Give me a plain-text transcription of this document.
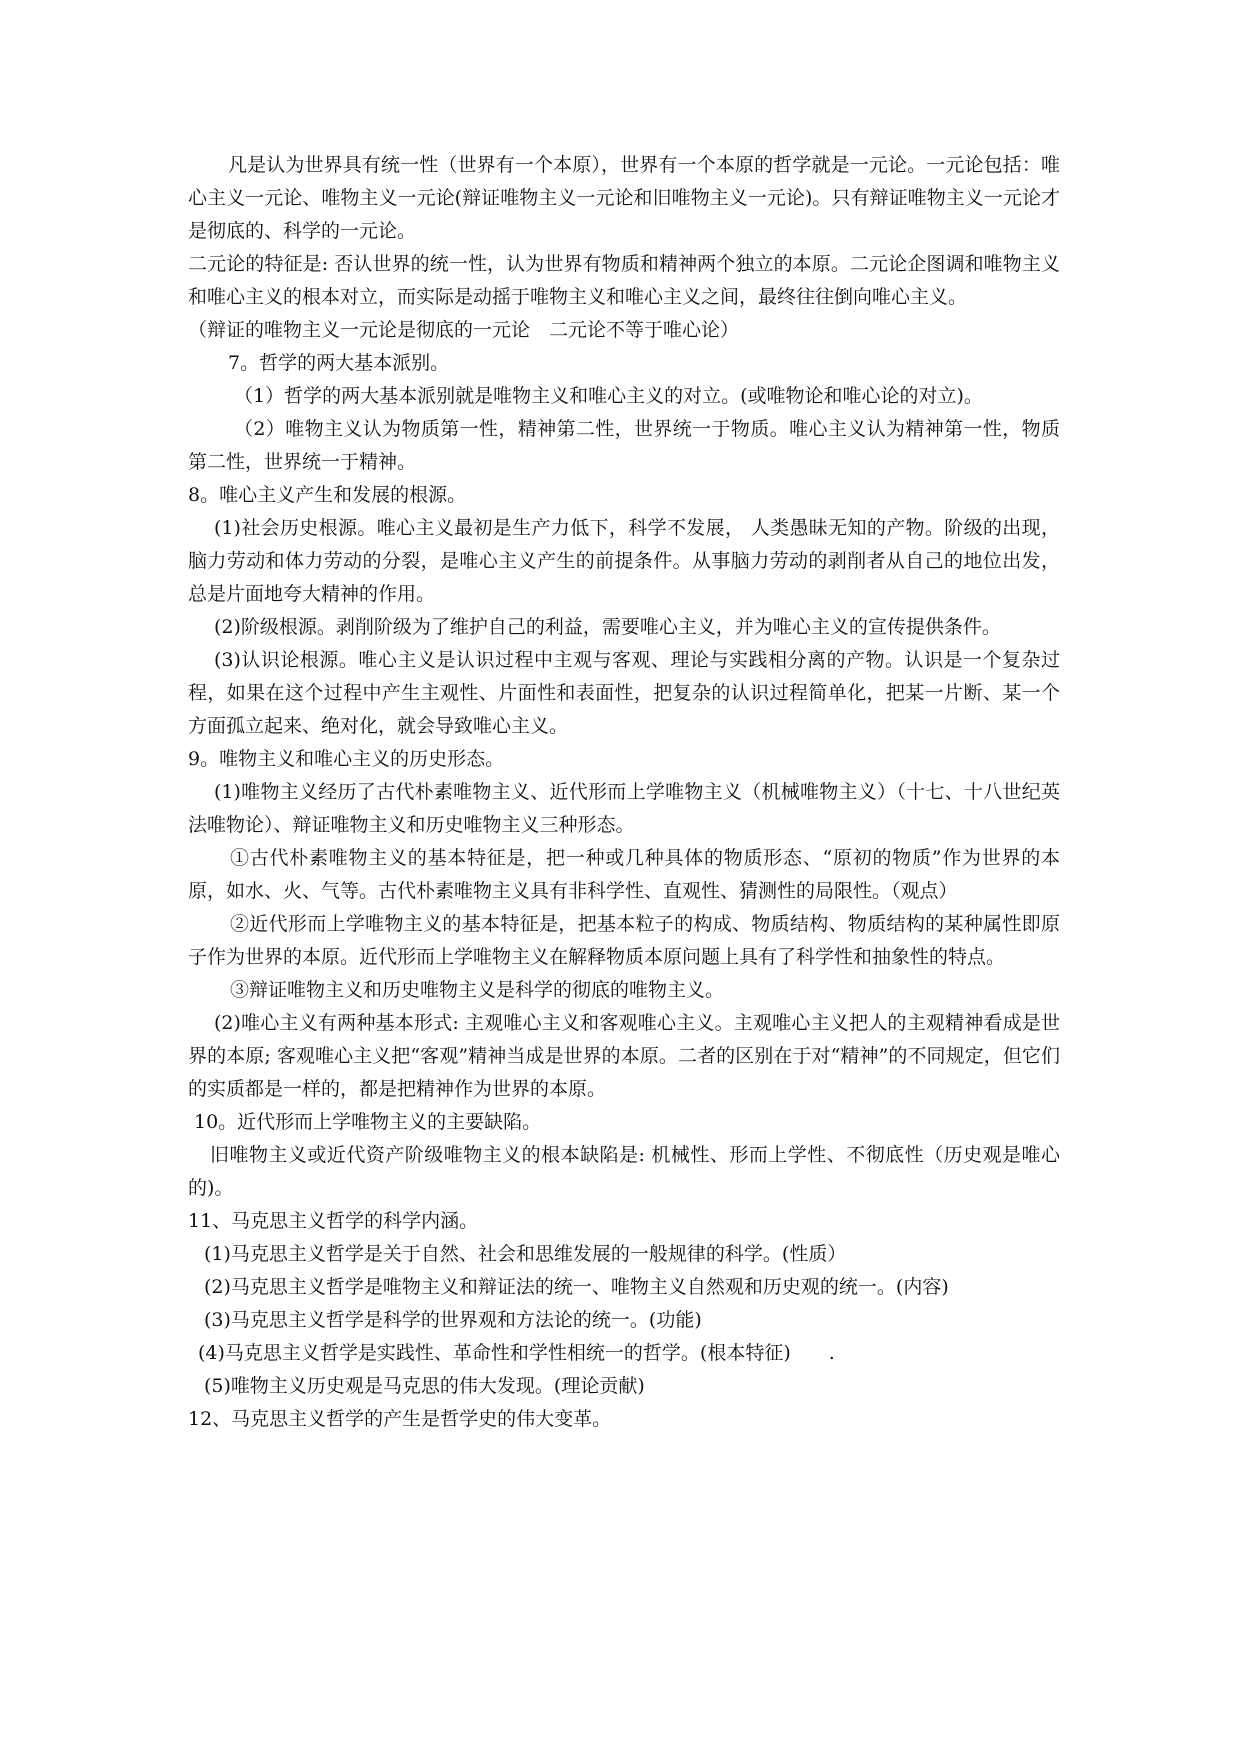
凡是认为世界具有统一性（世界有一个本原），世界有一个本原的哲学就是一元论。一元论包括：唯心主义一元论、唯物主义一元论(辩证唯物主义一元论和旧唯物主义一元论)。只有辩证唯物主义一元论才是彻底的、科学的一元论。

二元论的特征是: 否认世界的统一性，认为世界有物质和精神两个独立的本原。二元论企图调和唯物主义和唯心主义的根本对立，而实际是动摇于唯物主义和唯心主义之间，最终往往倒向唯心主义。

（辩证的唯物主义一元论是彻底的一元论　二元论不等于唯心论）

7。哲学的两大基本派别。

（1）哲学的两大基本派别就是唯物主义和唯心主义的对立。(或唯物论和唯心论的对立)。

（2）唯物主义认为物质第一性，精神第二性，世界统一于物质。唯心主义认为精神第一性，物质第二性，世界统一于精神。

8。唯心主义产生和发展的根源。

(1)社会历史根源。唯心主义最初是生产力低下，科学不发展， 人类愚昧无知的产物。阶级的出现，脑力劳动和体力劳动的分裂，是唯心主义产生的前提条件。从事脑力劳动的剥削者从自己的地位出发，总是片面地夸大精神的作用。

(2)阶级根源。剥削阶级为了维护自己的利益，需要唯心主义，并为唯心主义的宣传提供条件。

(3)认识论根源。唯心主义是认识过程中主观与客观、理论与实践相分离的产物。认识是一个复杂过程，如果在这个过程中产生主观性、片面性和表面性，把复杂的认识过程简单化，把某一片断、某一个方面孤立起来、绝对化，就会导致唯心主义。

9。唯物主义和唯心主义的历史形态。

(1)唯物主义经历了古代朴素唯物主义、近代形而上学唯物主义（机械唯物主义）（十七、十八世纪英法唯物论）、辩证唯物主义和历史唯物主义三种形态。

①古代朴素唯物主义的基本特征是，把一种或几种具体的物质形态、“原初的物质”作为世界的本原，如水、火、气等。古代朴素唯物主义具有非科学性、直观性、猜测性的局限性。（观点）

②近代形而上学唯物主义的基本特征是，把基本粒子的构成、物质结构、物质结构的某种属性即原子作为世界的本原。近代形而上学唯物主义在解释物质本原问题上具有了科学性和抽象性的特点。

③辩证唯物主义和历史唯物主义是科学的彻底的唯物主义。

(2)唯心主义有两种基本形式: 主观唯心主义和客观唯心主义。主观唯心主义把人的主观精神看成是世界的本原; 客观唯心主义把“客观”精神当成是世界的本原。二者的区别在于对“精神”的不同规定，但它们的实质都是一样的，都是把精神作为世界的本原。

10。近代形而上学唯物主义的主要缺陷。

旧唯物主义或近代资产阶级唯物主义的根本缺陷是: 机械性、形而上学性、不彻底性（历史观是唯心的)。

11、马克思主义哲学的科学内涵。

(1)马克思主义哲学是关于自然、社会和思维发展的一般规律的科学。(性质）

(2)马克思主义哲学是唯物主义和辩证法的统一、唯物主义自然观和历史观的统一。(内容)

(3)马克思主义哲学是科学的世界观和方法论的统一。(功能)

(4)马克思主义哲学是实践性、革命性和学性相统一的哲学。(根本特征)　　.

(5)唯物主义历史观是马克思的伟大发现。(理论贡献)

12、马克思主义哲学的产生是哲学史的伟大变革。
